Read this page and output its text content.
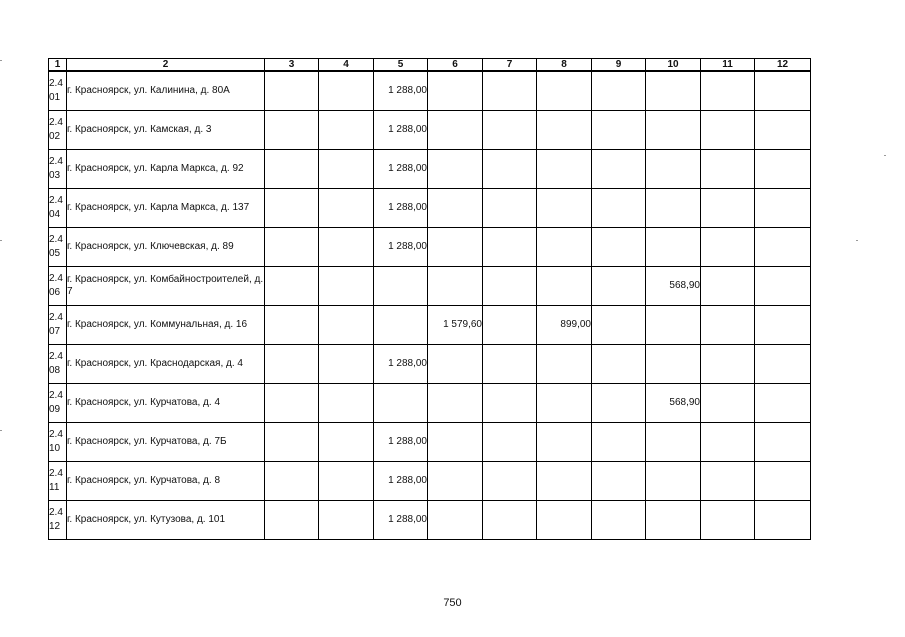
1	2	3	4	5	6	7	8	9	10	11	12

2.4
01	г. Красноярск, ул. Калинина, д. 80А			1 288,00							

2.4
02	г. Красноярск, ул. Камская, д. 3			1 288,00							

2.4
03	г. Красноярск, ул. Карла Маркса, д. 92			1 288,00							

2.4
04	г. Красноярск, ул. Карла Маркса, д. 137			1 288,00							

2.4
05	г. Красноярск, ул. Ключевская, д. 89			1 288,00							

2.4
06	г. Красноярск, ул. Комбайностроителей, д. 7								568,90		

2.4
07	г. Красноярск, ул. Коммунальная, д. 16				1 579,60		899,00				

2.4
08	г. Красноярск, ул. Краснодарская, д. 4			1 288,00							

2.4
09	г. Красноярск, ул. Курчатова, д. 4								568,90		

2.4
10	г. Красноярск, ул. Курчатова, д. 7Б			1 288,00							

2.4
11	г. Красноярск, ул. Курчатова, д. 8			1 288,00							

2.4
12	г. Красноярск, ул. Кутузова, д. 101			1 288,00							
750
